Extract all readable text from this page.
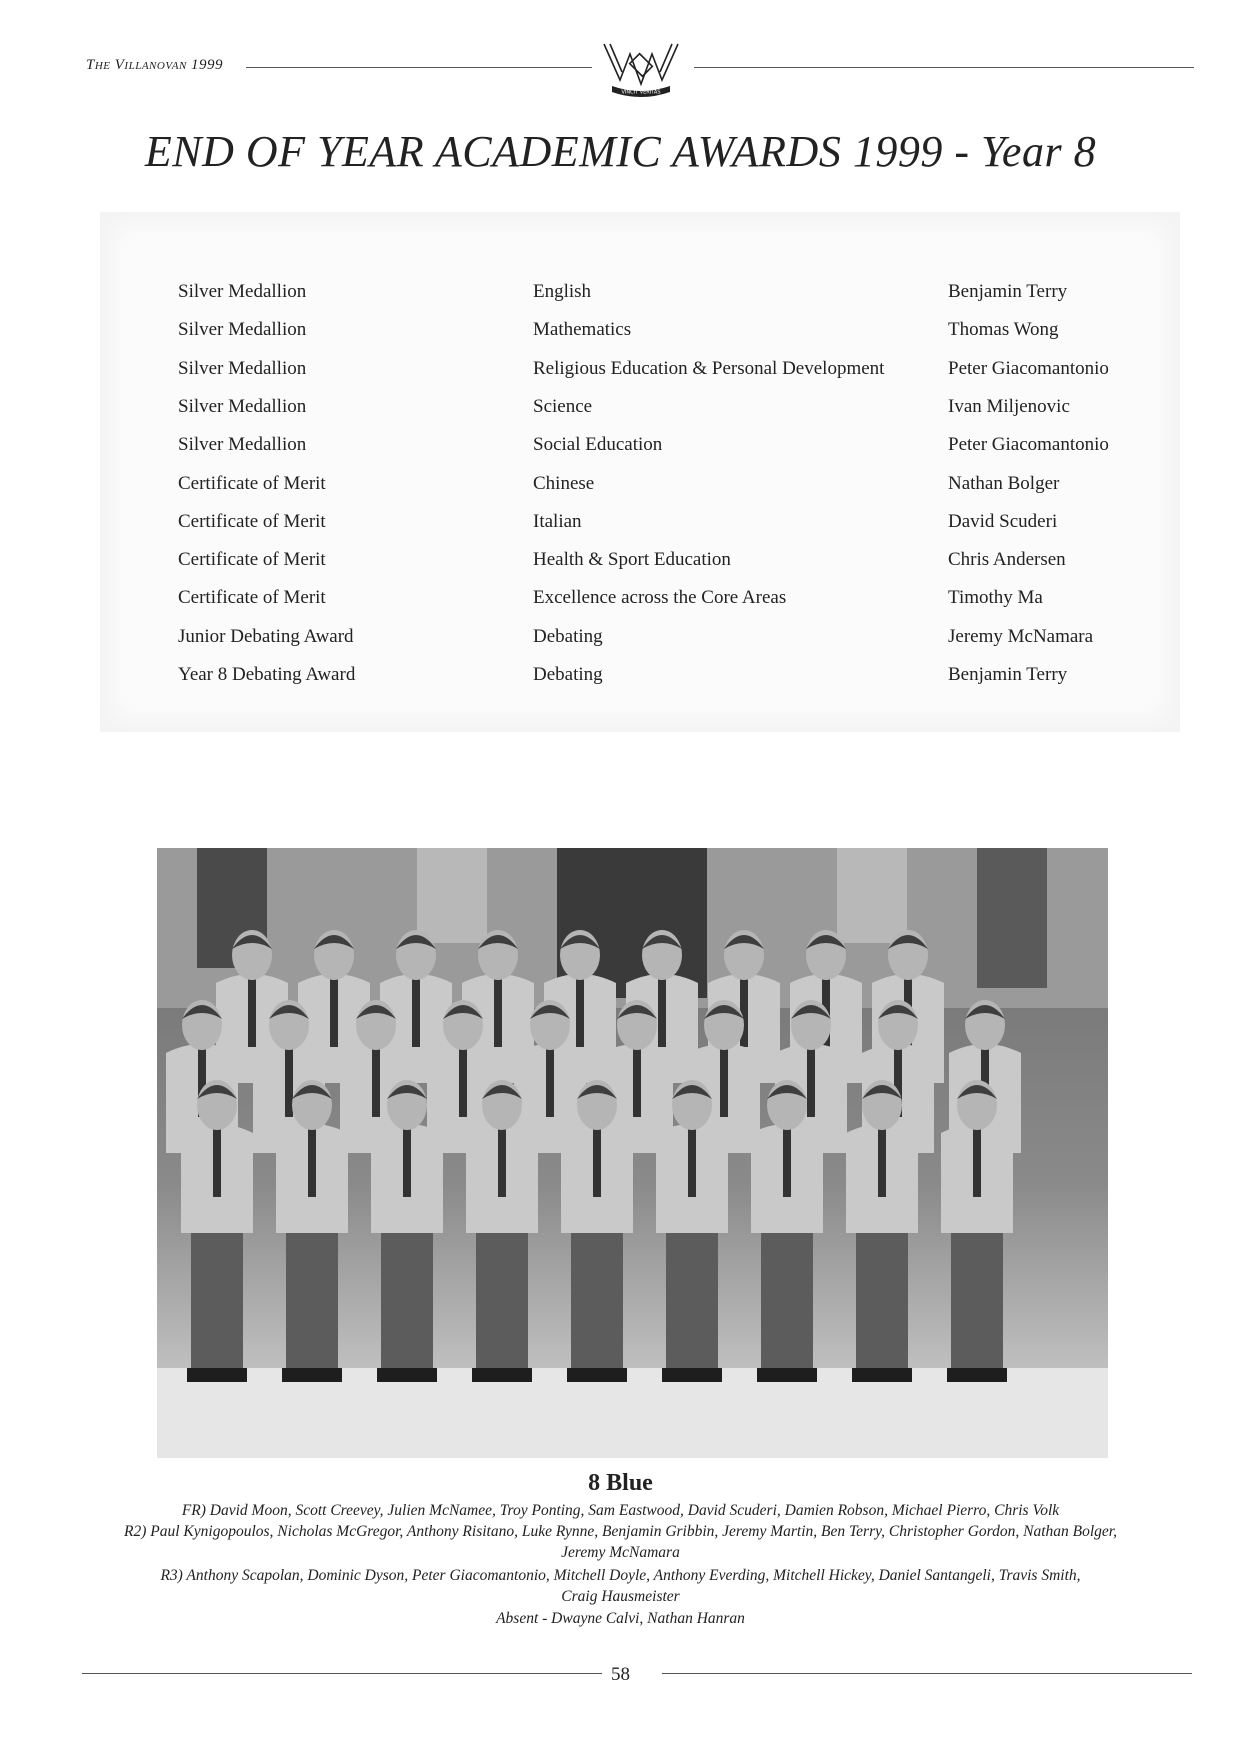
The Villanovan 1999
VINCIT VERITAS
END OF YEAR ACADEMIC AWARDS 1999 - Year 8
Silver Medallion	English	Benjamin Terry
Silver Medallion	Mathematics	Thomas Wong
Silver Medallion	Religious Education & Personal Development	Peter Giacomantonio
Silver Medallion	Science	Ivan Miljenovic
Silver Medallion	Social Education	Peter Giacomantonio
Certificate of Merit	Chinese	Nathan Bolger
Certificate of Merit	Italian	David Scuderi
Certificate of Merit	Health & Sport Education	Chris Andersen
Certificate of Merit	Excellence across the Core Areas	Timothy Ma
Junior Debating Award	Debating	Jeremy McNamara
Year 8 Debating Award	Debating	Benjamin Terry
8 Blue
FR) David Moon, Scott Creevey, Julien McNamee, Troy Ponting, Sam Eastwood, David Scuderi, Damien Robson, Michael Pierro, Chris Volk
R2) Paul Kynigopoulos, Nicholas McGregor, Anthony Risitano, Luke Rynne, Benjamin Gribbin, Jeremy Martin, Ben Terry, Christopher Gordon, Nathan Bolger,
Jeremy McNamara
R3) Anthony Scapolan, Dominic Dyson, Peter Giacomantonio, Mitchell Doyle, Anthony Everding, Mitchell Hickey, Daniel Santangeli, Travis Smith,
Craig Hausmeister
Absent - Dwayne Calvi, Nathan Hanran
58
